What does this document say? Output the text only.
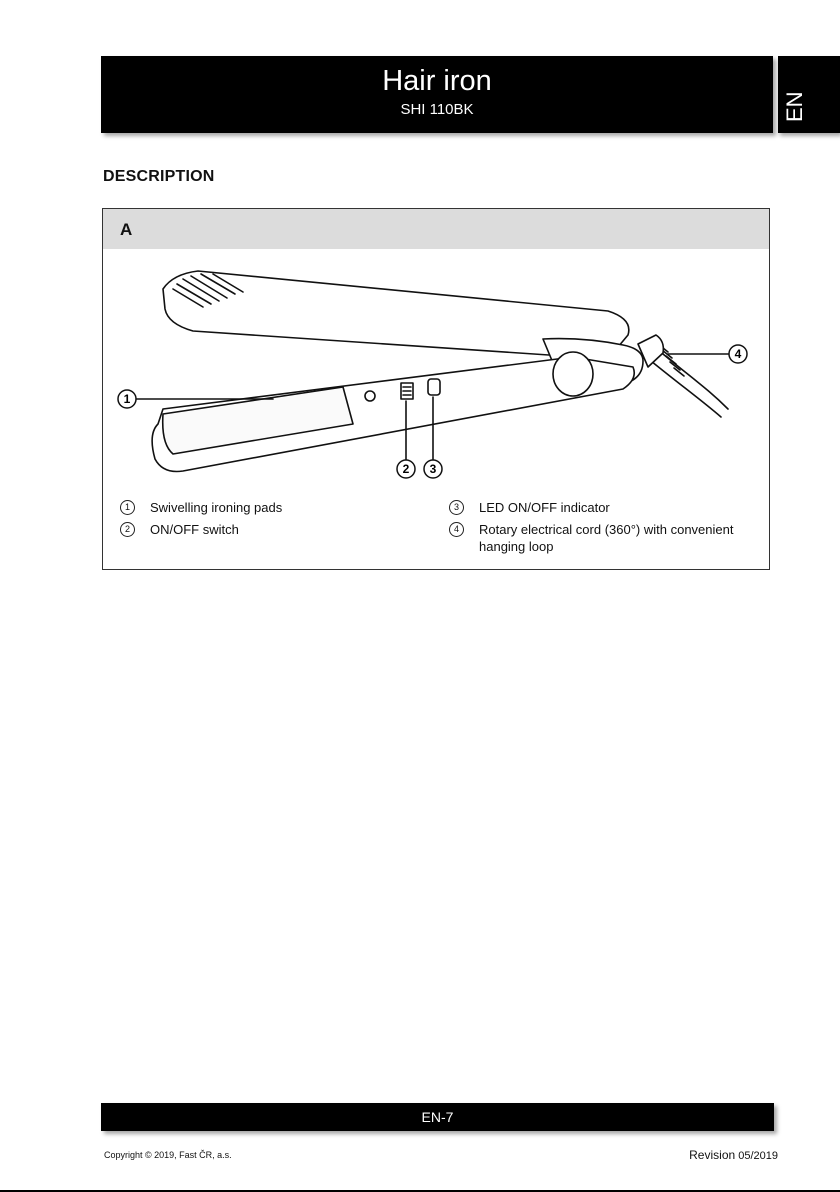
Hair iron
SHI 110BK	EN
DESCRIPTION
A
1
2 3
4
1	Swivelling ironing pads
2	ON/OFF switch
3	LED ON/OFF indicator
4	Rotary electrical cord (360°) with convenient hanging loop
EN-7
Copyright © 2019, Fast ČR, a.s.	Revision 05/2019
